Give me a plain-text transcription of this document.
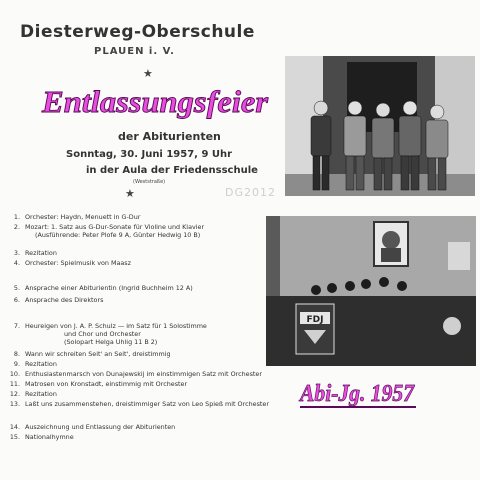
Diesterweg-Oberschule
PLAUEN i. V.
★
Entlassungsfeier
der Abiturienten
Sonntag, 30. Juni 1957, 9 Uhr
in der Aula der Friedensschule
(Weststraße)
★	DG2012
FDJ
1. Orchester: Haydn, Menuett in G-Dur
2. Mozart: 1. Satz aus G-Dur-Sonate für Violine und Klavier
(Ausführende: Peter Plofe 9 A, Günter Hedwig 10 B)
3. Rezitation
4. Orchester: Spielmusik von Maasz
5. Ansprache einer Abiturientin (Ingrid Buchheim 12 A)
6. Ansprache des Direktors
7. Heureigen von J. A. P. Schulz — im Satz für 1 Solostimme
und Chor und Orchester
(Solopart Helga Uhlig 11 B 2)
8. Wann wir schreiten Seit' an Seit', dreistimmig
9. Rezitation
10. Enthusiastenmarsch von Dunajewskij im einstimmigen Satz mit Orchester
11. Matrosen von Kronstadt, einstimmig mit Orchester
12. Rezitation
13. Laßt uns zusammenstehen, dreistimmiger Satz von Leo Spieß mit Orchester
14. Auszeichnung und Entlassung der Abiturienten
15. Nationalhymne
Abi-Jg. 1957
